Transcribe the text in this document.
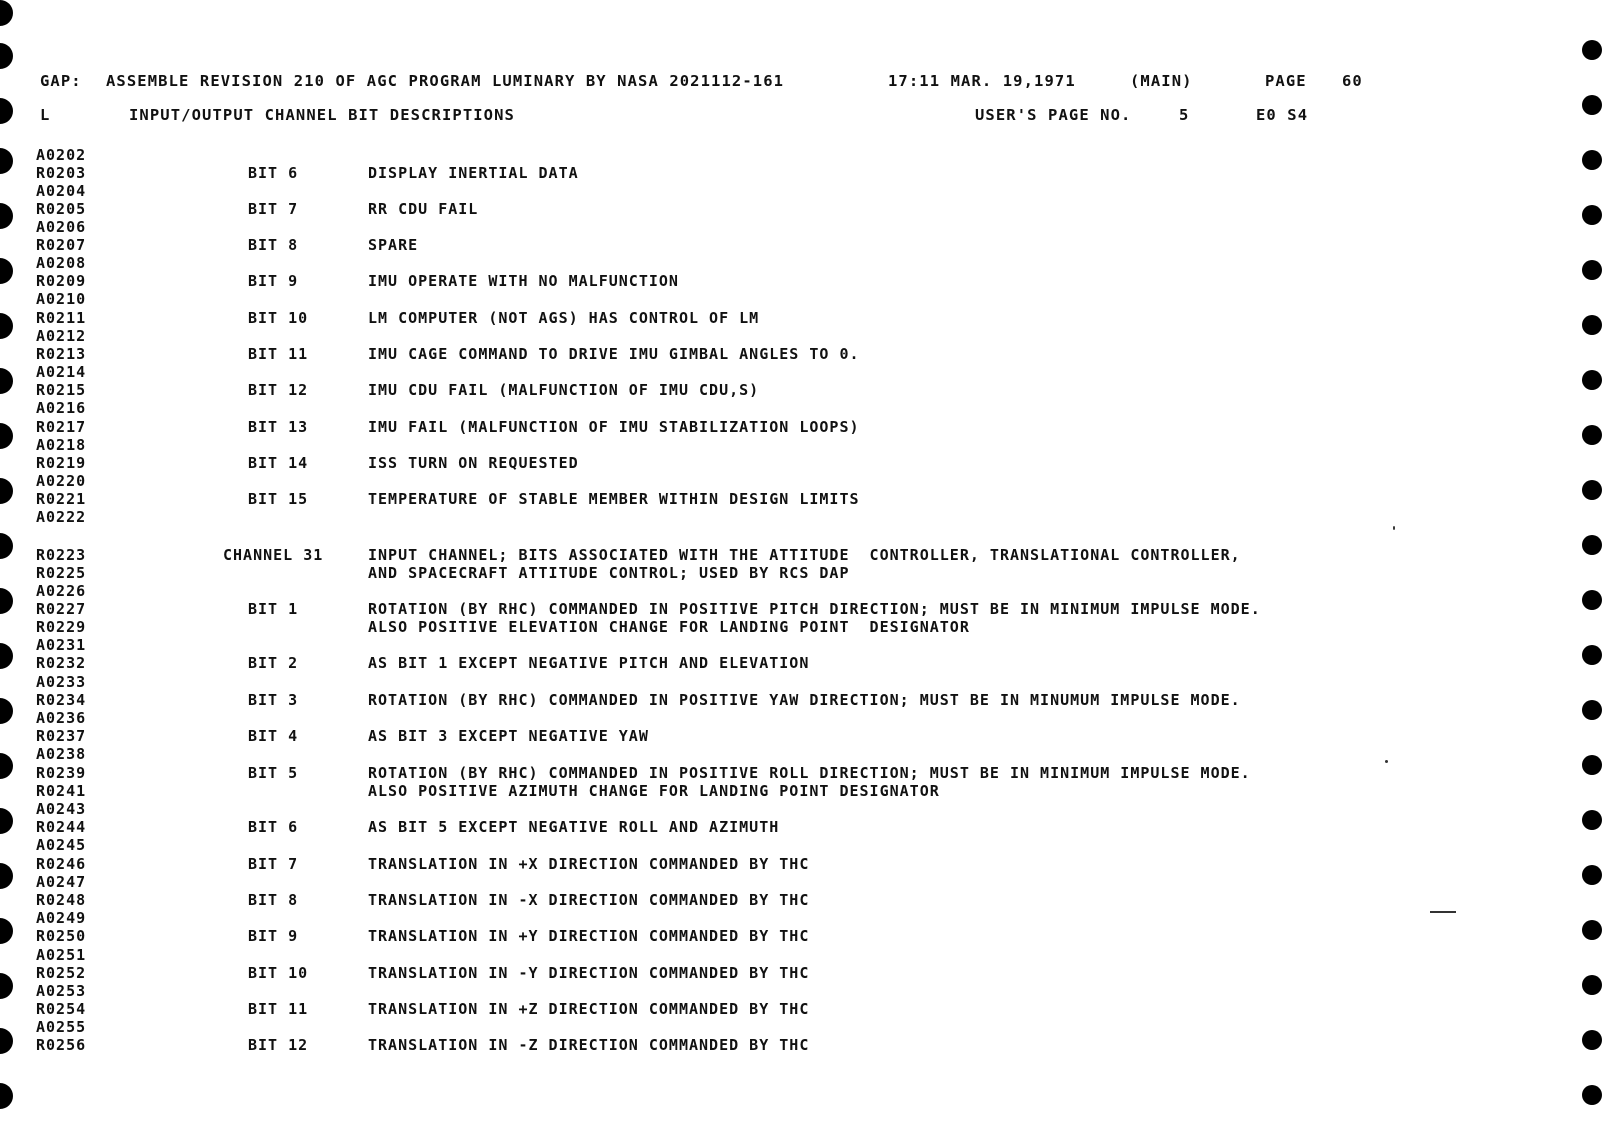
GAP: ASSEMBLE REVISION 210 OF AGC PROGRAM LUMINARY BY NASA 2021112-161	17:11 MAR. 19,1971	(MAIN)	PAGE 60
L	INPUT/OUTPUT CHANNEL BIT DESCRIPTIONS	USER'S PAGE NO.	5	E0 S4
A0202
R0203	BIT 6	DISPLAY INERTIAL DATA
A0204
R0205	BIT 7	RR CDU FAIL
A0206
R0207	BIT 8	SPARE
A0208
R0209	BIT 9	IMU OPERATE WITH NO MALFUNCTION
A0210
R0211	BIT 10	LM COMPUTER (NOT AGS) HAS CONTROL OF LM
A0212
R0213	BIT 11	IMU CAGE COMMAND TO DRIVE IMU GIMBAL ANGLES TO 0.
A0214
R0215	BIT 12	IMU CDU FAIL (MALFUNCTION OF IMU CDU,S)
A0216
R0217	BIT 13	IMU FAIL (MALFUNCTION OF IMU STABILIZATION LOOPS)
A0218
R0219	BIT 14	ISS TURN ON REQUESTED
A0220
R0221	BIT 15	TEMPERATURE OF STABLE MEMBER WITHIN DESIGN LIMITS
A0222
R0223	CHANNEL 31	INPUT CHANNEL; BITS ASSOCIATED WITH THE ATTITUDE  CONTROLLER, TRANSLATIONAL CONTROLLER,
R0225	AND SPACECRAFT ATTITUDE CONTROL; USED BY RCS DAP
A0226
R0227	BIT 1	ROTATION (BY RHC) COMMANDED IN POSITIVE PITCH DIRECTION; MUST BE IN MINIMUM IMPULSE MODE.
R0229	ALSO POSITIVE ELEVATION CHANGE FOR LANDING POINT  DESIGNATOR
A0231
R0232	BIT 2	AS BIT 1 EXCEPT NEGATIVE PITCH AND ELEVATION
A0233
R0234	BIT 3	ROTATION (BY RHC) COMMANDED IN POSITIVE YAW DIRECTION; MUST BE IN MINUMUM IMPULSE MODE.
A0236
R0237	BIT 4	AS BIT 3 EXCEPT NEGATIVE YAW
A0238
R0239	BIT 5	ROTATION (BY RHC) COMMANDED IN POSITIVE ROLL DIRECTION; MUST BE IN MINIMUM IMPULSE MODE.
R0241	ALSO POSITIVE AZIMUTH CHANGE FOR LANDING POINT DESIGNATOR
A0243
R0244	BIT 6	AS BIT 5 EXCEPT NEGATIVE ROLL AND AZIMUTH
A0245
R0246	BIT 7	TRANSLATION IN +X DIRECTION COMMANDED BY THC
A0247
R0248	BIT 8	TRANSLATION IN -X DIRECTION COMMANDED BY THC
A0249
R0250	BIT 9	TRANSLATION IN +Y DIRECTION COMMANDED BY THC
A0251
R0252	BIT 10	TRANSLATION IN -Y DIRECTION COMMANDED BY THC
A0253
R0254	BIT 11	TRANSLATION IN +Z DIRECTION COMMANDED BY THC
A0255
R0256	BIT 12	TRANSLATION IN -Z DIRECTION COMMANDED BY THC
